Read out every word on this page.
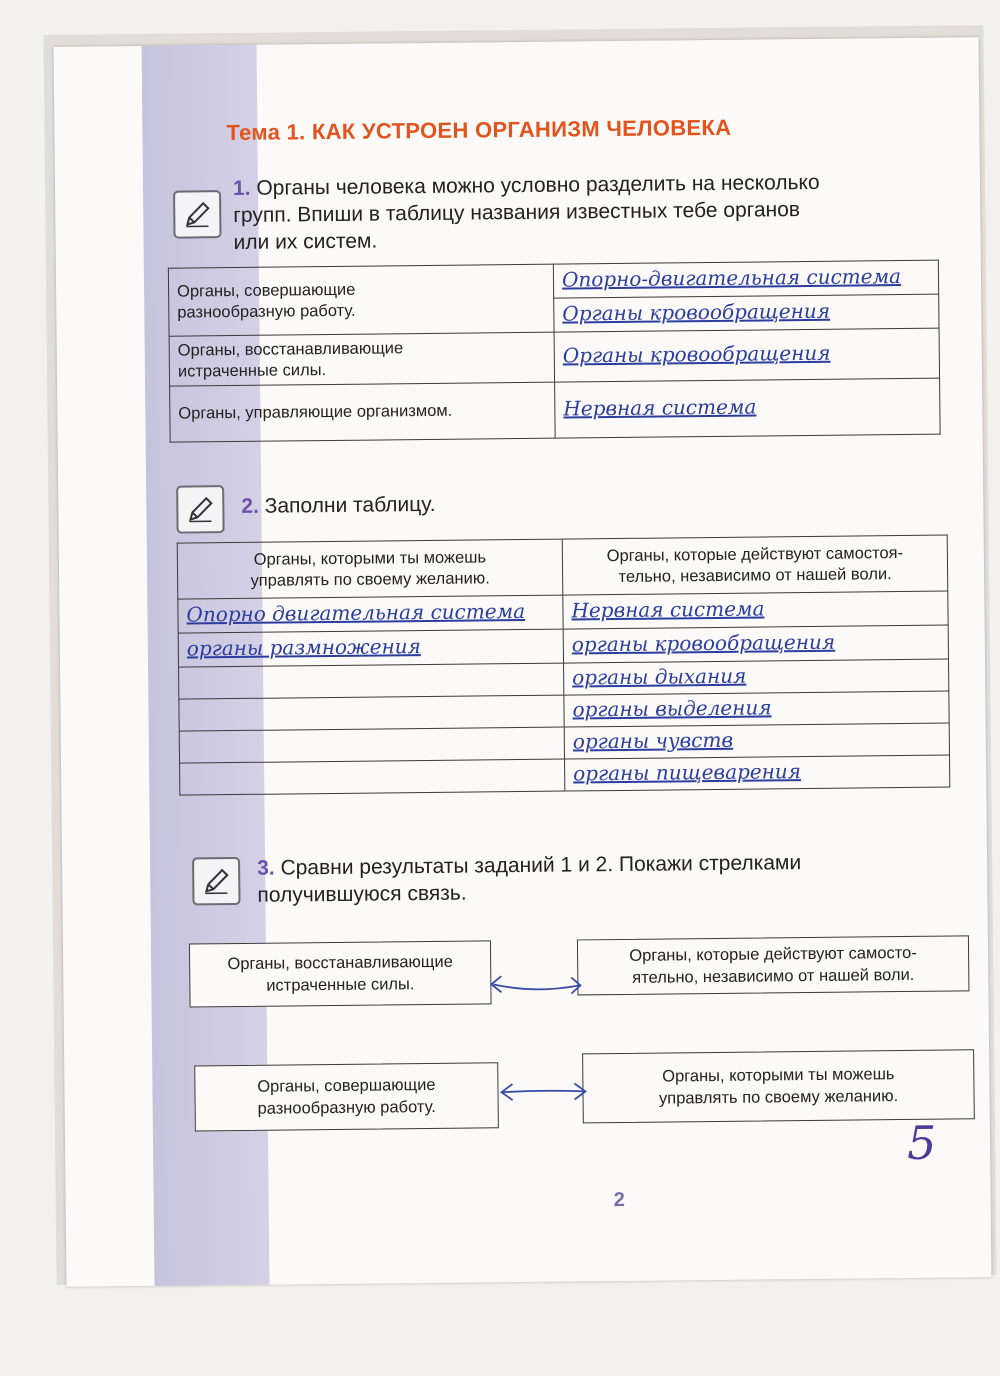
Тема 1. КАК УСТРОЕН ОРГАНИЗМ ЧЕЛОВЕКА

1. Органы человека можно условно разделить на несколько
групп. Впиши в таблицу названия известных тебе органов
или их систем.

Органы, совершающие
разнообразную работу.	Опорно-двигательная система
	Органы кровообращения
Органы, восстанавливающие
истраченные силы.	Органы кровообращения
Органы, управляющие организмом.	Нервная система

2. Заполни таблицу.

Органы, которыми ты можешь
управлять по своему желанию.	Органы, которые действуют самостоя-
тельно, независимо от нашей воли.
Опорно двигательная система	Нервная система
органы размножения	органы кровообращения
	органы дыхания
	органы выделения
	органы чувств
	органы пищеварения

3. Сравни результаты заданий 1 и 2. Покажи стрелками
получившуюся связь.

Органы, восстанавливающие
истраченные силы.
Органы, которые действуют самосто-
ятельно, независимо от нашей воли.
Органы, совершающие
разнообразную работу.
Органы, которыми ты можешь
управлять по своему желанию.
2
5
